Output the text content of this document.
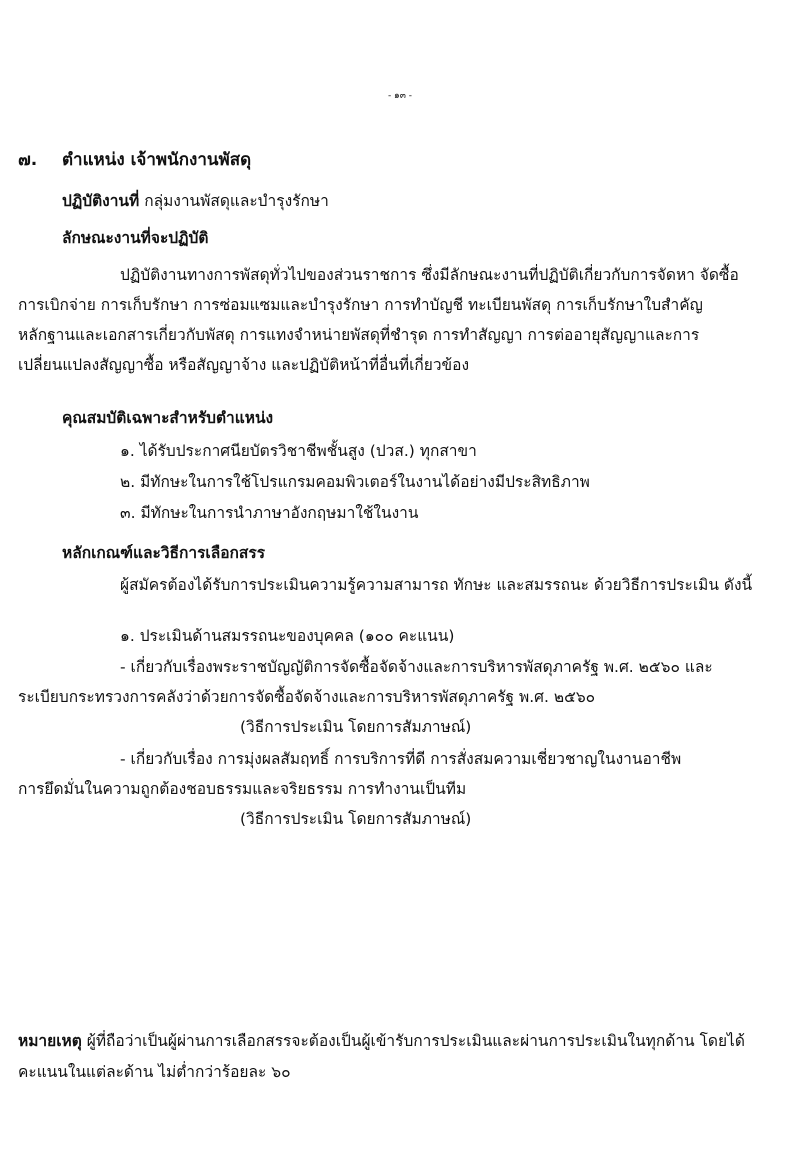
- ๑๓ -
๗. ตำแหน่ง เจ้าพนักงานพัสดุ
ปฏิบัติงานที่ กลุ่มงานพัสดุและบำรุงรักษา
ลักษณะงานที่จะปฏิบัติ
ปฏิบัติงานทางการพัสดุทั่วไปของส่วนราชการ ซึ่งมีลักษณะงานที่ปฏิบัติเกี่ยวกับการจัดหา จัดซื้อ
การเบิกจ่าย การเก็บรักษา การซ่อมแซมและบำรุงรักษา การทำบัญชี ทะเบียนพัสดุ การเก็บรักษาใบสำคัญ
หลักฐานและเอกสารเกี่ยวกับพัสดุ การแทงจำหน่ายพัสดุที่ชำรุด การทำสัญญา การต่ออายุสัญญาและการ
เปลี่ยนแปลงสัญญาซื้อ หรือสัญญาจ้าง และปฏิบัติหน้าที่อื่นที่เกี่ยวข้อง
คุณสมบัติเฉพาะสำหรับตำแหน่ง
๑. ได้รับประกาศนียบัตรวิชาชีพชั้นสูง (ปวส.) ทุกสาขา
๒. มีทักษะในการใช้โปรแกรมคอมพิวเตอร์ในงานได้อย่างมีประสิทธิภาพ
๓. มีทักษะในการนำภาษาอังกฤษมาใช้ในงาน
หลักเกณฑ์และวิธีการเลือกสรร
ผู้สมัครต้องได้รับการประเมินความรู้ความสามารถ ทักษะ และสมรรถนะ ด้วยวิธีการประเมิน ดังนี้
๑. ประเมินด้านสมรรถนะของบุคคล (๑๐๐ คะแนน)
- เกี่ยวกับเรื่องพระราชบัญญัติการจัดซื้อจัดจ้างและการบริหารพัสดุภาครัฐ พ.ศ. ๒๕๖๐ และ
ระเบียบกระทรวงการคลังว่าด้วยการจัดซื้อจัดจ้างและการบริหารพัสดุภาครัฐ พ.ศ. ๒๕๖๐
(วิธีการประเมิน โดยการสัมภาษณ์)
- เกี่ยวกับเรื่อง การมุ่งผลสัมฤทธิ์ การบริการที่ดี การสั่งสมความเชี่ยวชาญในงานอาชีพ
การยึดมั่นในความถูกต้องชอบธรรมและจริยธรรม การทำงานเป็นทีม
(วิธีการประเมิน โดยการสัมภาษณ์)
หมายเหตุ ผู้ที่ถือว่าเป็นผู้ผ่านการเลือกสรรจะต้องเป็นผู้เข้ารับการประเมินและผ่านการประเมินในทุกด้าน โดยได้
คะแนนในแต่ละด้าน ไม่ต่ำกว่าร้อยละ ๖๐
